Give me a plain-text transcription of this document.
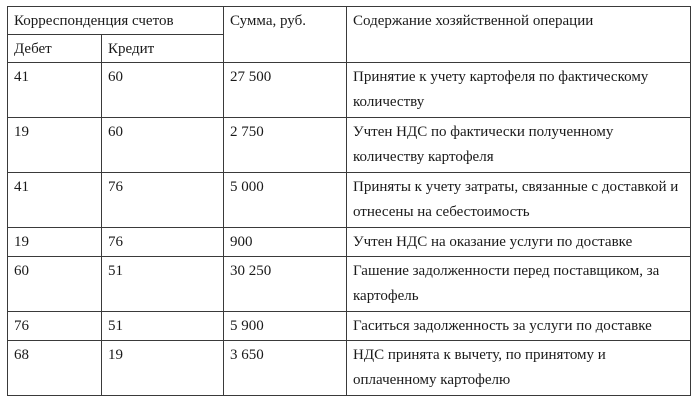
Корреспонденция счетов		Сумма, руб.	Содержание хозяйственной операции
Дебет	Кредит		
41	60	27 500	Принятие к учету картофеля по фактическому количеству
19	60	2 750	Учтен НДС по фактически полученному количеству картофеля
41	76	5 000	Приняты к учету затраты, связанные с доставкой и отнесены на себестоимость
19	76	900	Учтен НДС на оказание услуги по доставке
60	51	30 250	Гашение задолженности перед поставщиком, за картофель
76	51	5 900	Гаситься задолженность за услуги по доставке
68	19	3 650	НДС принята к вычету, по принятому и оплаченному картофелю
